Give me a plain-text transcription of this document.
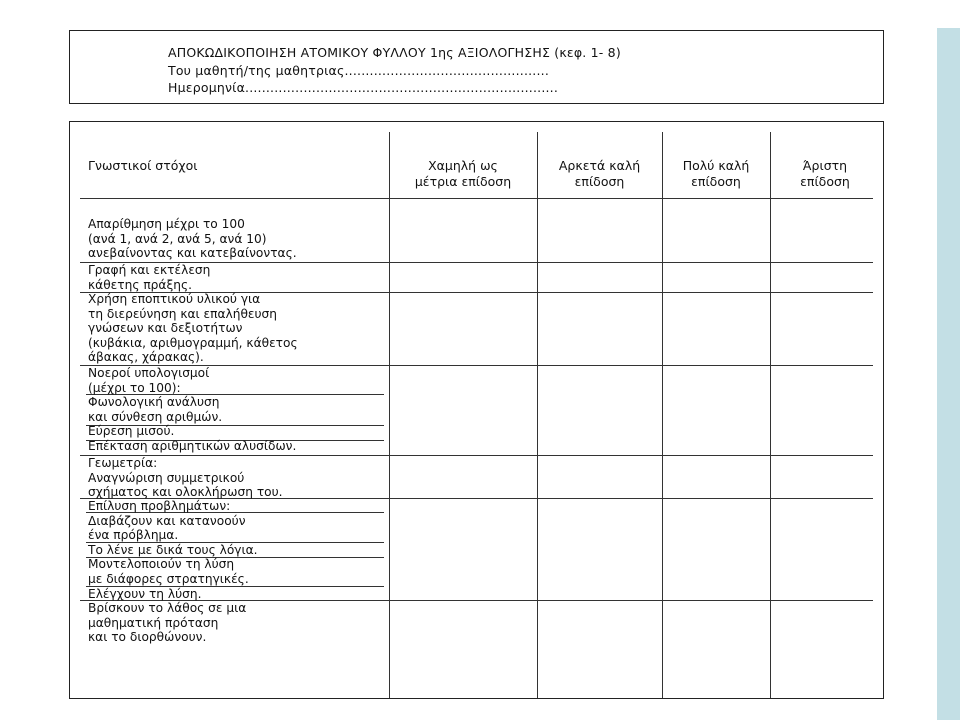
ΑΠΟΚΩΔΙΚΟΠΟΙΗΣΗ ΑΤΟΜΙΚΟΥ ΦΥΛΛΟΥ 1ης ΑΞΙΟΛΟΓΗΣΗΣ (κεφ. 1- 8)
Του μαθητή/της μαθητριας.................................................
Ημερομηνία...........................................................................
Γνωστικοί στόχοι	Χαμηλή ως
μέτρια επίδοση
Αρκετά καλή
επίδοση
Πολύ καλή
επίδοση
Άριστη
επίδοση
Απαρίθμηση μέχρι το 100
(ανά 1, ανά 2, ανά 5, ανά 10)
ανεβαίνοντας και κατεβαίνοντας.
Γραφή και εκτέλεση
κάθετης πράξης.
Χρήση εποπτικού υλικού για
τη διερεύνηση και επαλήθευση
γνώσεων και δεξιοτήτων
(κυβάκια, αριθμογραμμή, κάθετος
άβακας, χάρακας).
Νοεροί υπολογισμοί
(μέχρι το 100):
Φωνολογική ανάλυση
και σύνθεση αριθμών.
Εύρεση μισού.
Επέκταση αριθμητικών αλυσίδων.
Γεωμετρία:
Αναγνώριση συμμετρικού
σχήματος και ολοκλήρωση του.
Επίλυση προβλημάτων:
Διαβάζουν και κατανοούν
ένα πρόβλημα.
Το λένε με δικά τους λόγια.
Μοντελοποιούν τη λύση
με διάφορες στρατηγικές.
Ελέγχουν τη λύση.
Βρίσκουν το λάθος σε μια
μαθηματική πρόταση
και το διορθώνουν.
